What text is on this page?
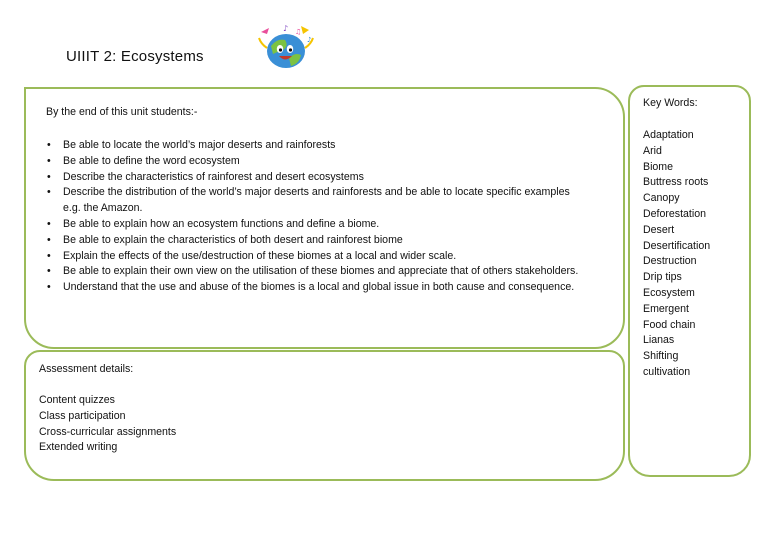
UIIIT 2: Ecosystems
♪ ♫
♪
By the end of this unit students:-
• Be able to locate the world’s major deserts and rainforests
• Be able to define the word ecosystem
• Describe the characteristics of rainforest and desert ecosystems
• Describe the distribution of the world’s major deserts and rainforests and be able to locate specific examples e.g. the Amazon.
• Be able to explain how an ecosystem functions and define a biome.
• Be able to explain the characteristics of both desert and rainforest biome
• Explain the effects of the use/destruction of these biomes at a local and wider scale.
• Be able to explain their own view on the utilisation of these biomes and appreciate that of others stakeholders.
• Understand that the use and abuse of the biomes is a local and global issue in both cause and consequence.
Assessment details:
Content quizzes
Class participation
Cross-curricular assignments
Extended writing
Key Words:
Adaptation
Arid
Biome
Buttress roots
Canopy
Deforestation
Desert
Desertification
Destruction
Drip tips
Ecosystem
Emergent
Food chain
Lianas
Shifting
cultivation
